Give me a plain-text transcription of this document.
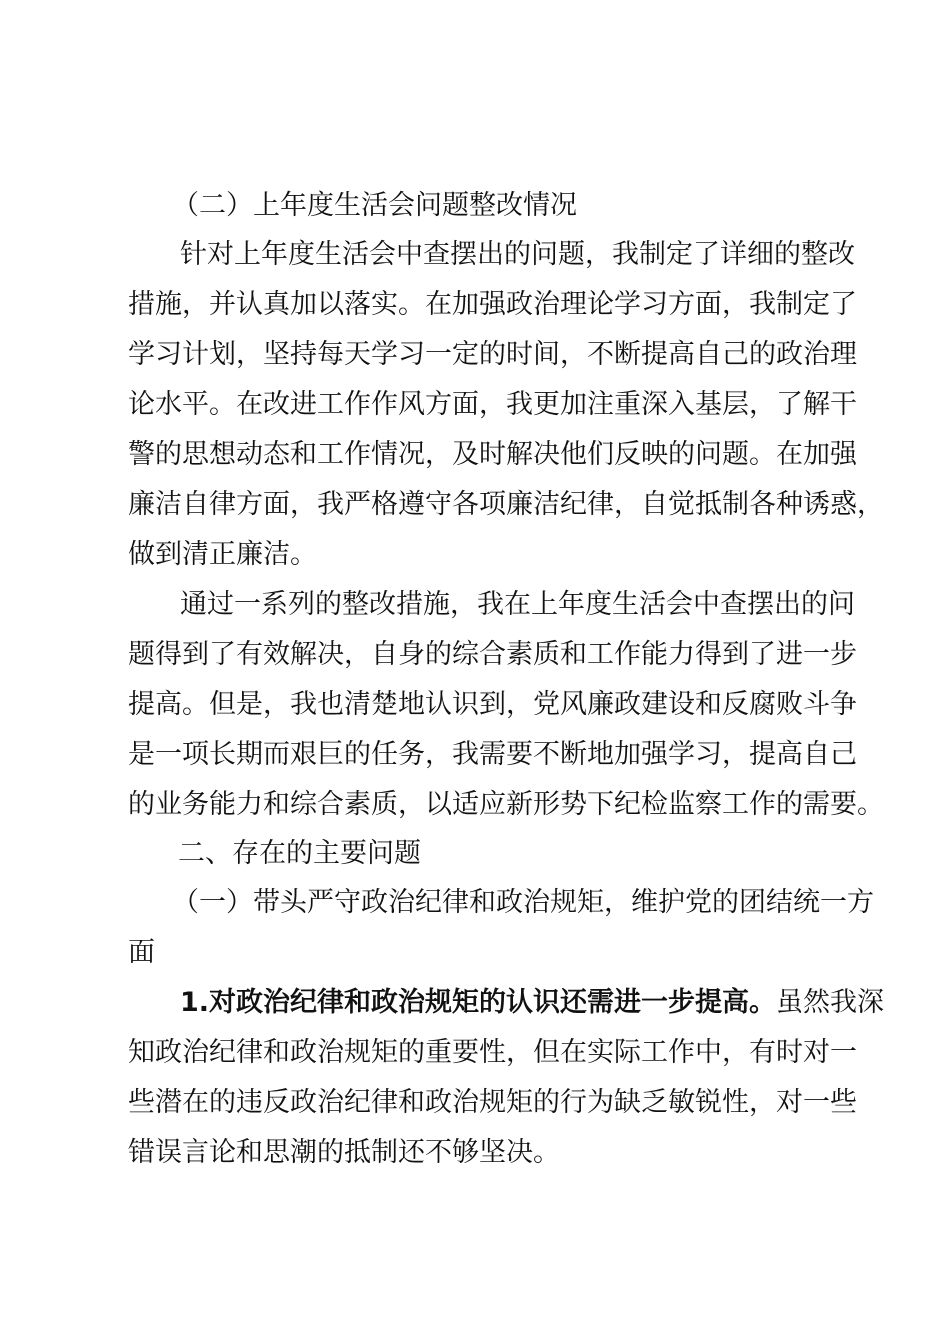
（二）上年度生活会问题整改情况
针对上年度生活会中查摆出的问题，我制定了详细的整改
措施，并认真加以落实。在加强政治理论学习方面，我制定了
学习计划，坚持每天学习一定的时间，不断提高自己的政治理
论水平。在改进工作作风方面，我更加注重深入基层，了解干
警的思想动态和工作情况，及时解决他们反映的问题。在加强
廉洁自律方面，我严格遵守各项廉洁纪律，自觉抵制各种诱惑，
做到清正廉洁。
通过一系列的整改措施，我在上年度生活会中查摆出的问
题得到了有效解决，自身的综合素质和工作能力得到了进一步
提高。但是，我也清楚地认识到，党风廉政建设和反腐败斗争
是一项长期而艰巨的任务，我需要不断地加强学习，提高自己
的业务能力和综合素质，以适应新形势下纪检监察工作的需要。
二、存在的主要问题
（一）带头严守政治纪律和政治规矩，维护党的团结统一方
面
1.对政治纪律和政治规矩的认识还需进一步提高。虽然我深
知政治纪律和政治规矩的重要性，但在实际工作中，有时对一
些潜在的违反政治纪律和政治规矩的行为缺乏敏锐性，对一些
错误言论和思潮的抵制还不够坚决。
